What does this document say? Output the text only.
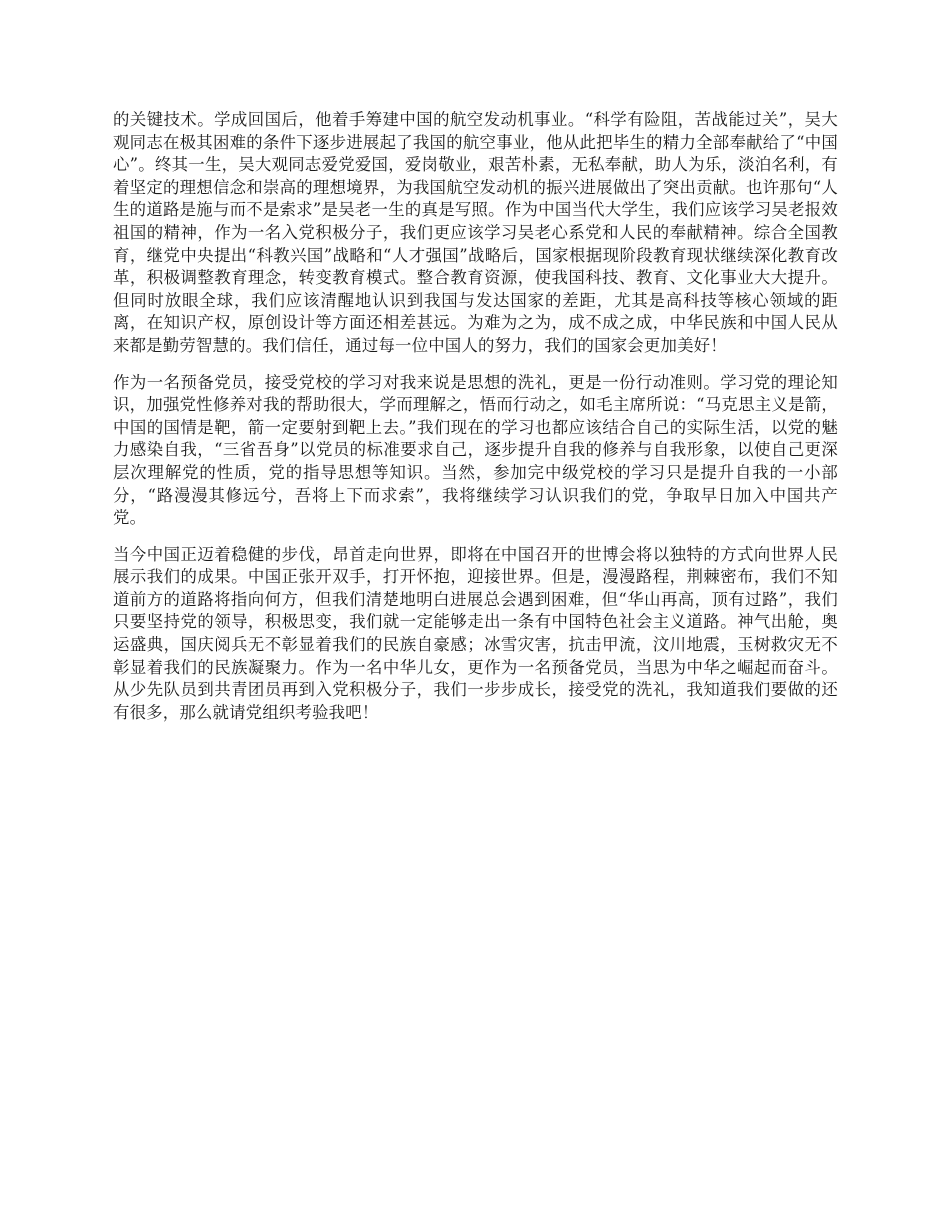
的关键技术。学成回国后，他着手筹建中国的航空发动机事业。“科学有险阻，苦战能过关”，吴大观同志在极其困难的条件下逐步进展起了我国的航空事业，他从此把毕生的精力全部奉献给了“中国心”。终其一生，吴大观同志爱党爱国，爱岗敬业，艰苦朴素，无私奉献，助人为乐，淡泊名利，有着坚定的理想信念和崇高的理想境界，为我国航空发动机的振兴进展做出了突出贡献。也许那句“人生的道路是施与而不是索求”是吴老一生的真是写照。作为中国当代大学生，我们应该学习吴老报效祖国的精神，作为一名入党积极分子，我们更应该学习吴老心系党和人民的奉献精神。综合全国教育，继党中央提出“科教兴国”战略和“人才强国”战略后，国家根据现阶段教育现状继续深化教育改革，积极调整教育理念，转变教育模式。整合教育资源，使我国科技、教育、文化事业大大提升。但同时放眼全球，我们应该清醒地认识到我国与发达国家的差距，尤其是高科技等核心领域的距离，在知识产权，原创设计等方面还相差甚远。为难为之为，成不成之成，中华民族和中国人民从来都是勤劳智慧的。我们信任，通过每一位中国人的努力，我们的国家会更加美好！

作为一名预备党员，接受党校的学习对我来说是思想的洗礼，更是一份行动准则。学习党的理论知识，加强党性修养对我的帮助很大，学而理解之，悟而行动之，如毛主席所说：“马克思主义是箭，中国的国情是靶，箭一定要射到靶上去。”我们现在的学习也都应该结合自己的实际生活，以党的魅力感染自我，“三省吾身”以党员的标准要求自己，逐步提升自我的修养与自我形象，以使自己更深层次理解党的性质，党的指导思想等知识。当然，参加完中级党校的学习只是提升自我的一小部分，“路漫漫其修远兮，吾将上下而求索”，我将继续学习认识我们的党，争取早日加入中国共产党。

当今中国正迈着稳健的步伐，昂首走向世界，即将在中国召开的世博会将以独特的方式向世界人民展示我们的成果。中国正张开双手，打开怀抱，迎接世界。但是，漫漫路程，荆棘密布，我们不知道前方的道路将指向何方，但我们清楚地明白进展总会遇到困难，但“华山再高，顶有过路”，我们只要坚持党的领导，积极思变，我们就一定能够走出一条有中国特色社会主义道路。神气出舱，奥运盛典，国庆阅兵无不彰显着我们的民族自豪感；冰雪灾害，抗击甲流，汶川地震，玉树救灾无不彰显着我们的民族凝聚力。作为一名中华儿女，更作为一名预备党员，当思为中华之崛起而奋斗。从少先队员到共青团员再到入党积极分子，我们一步步成长，接受党的洗礼，我知道我们要做的还有很多，那么就请党组织考验我吧！
